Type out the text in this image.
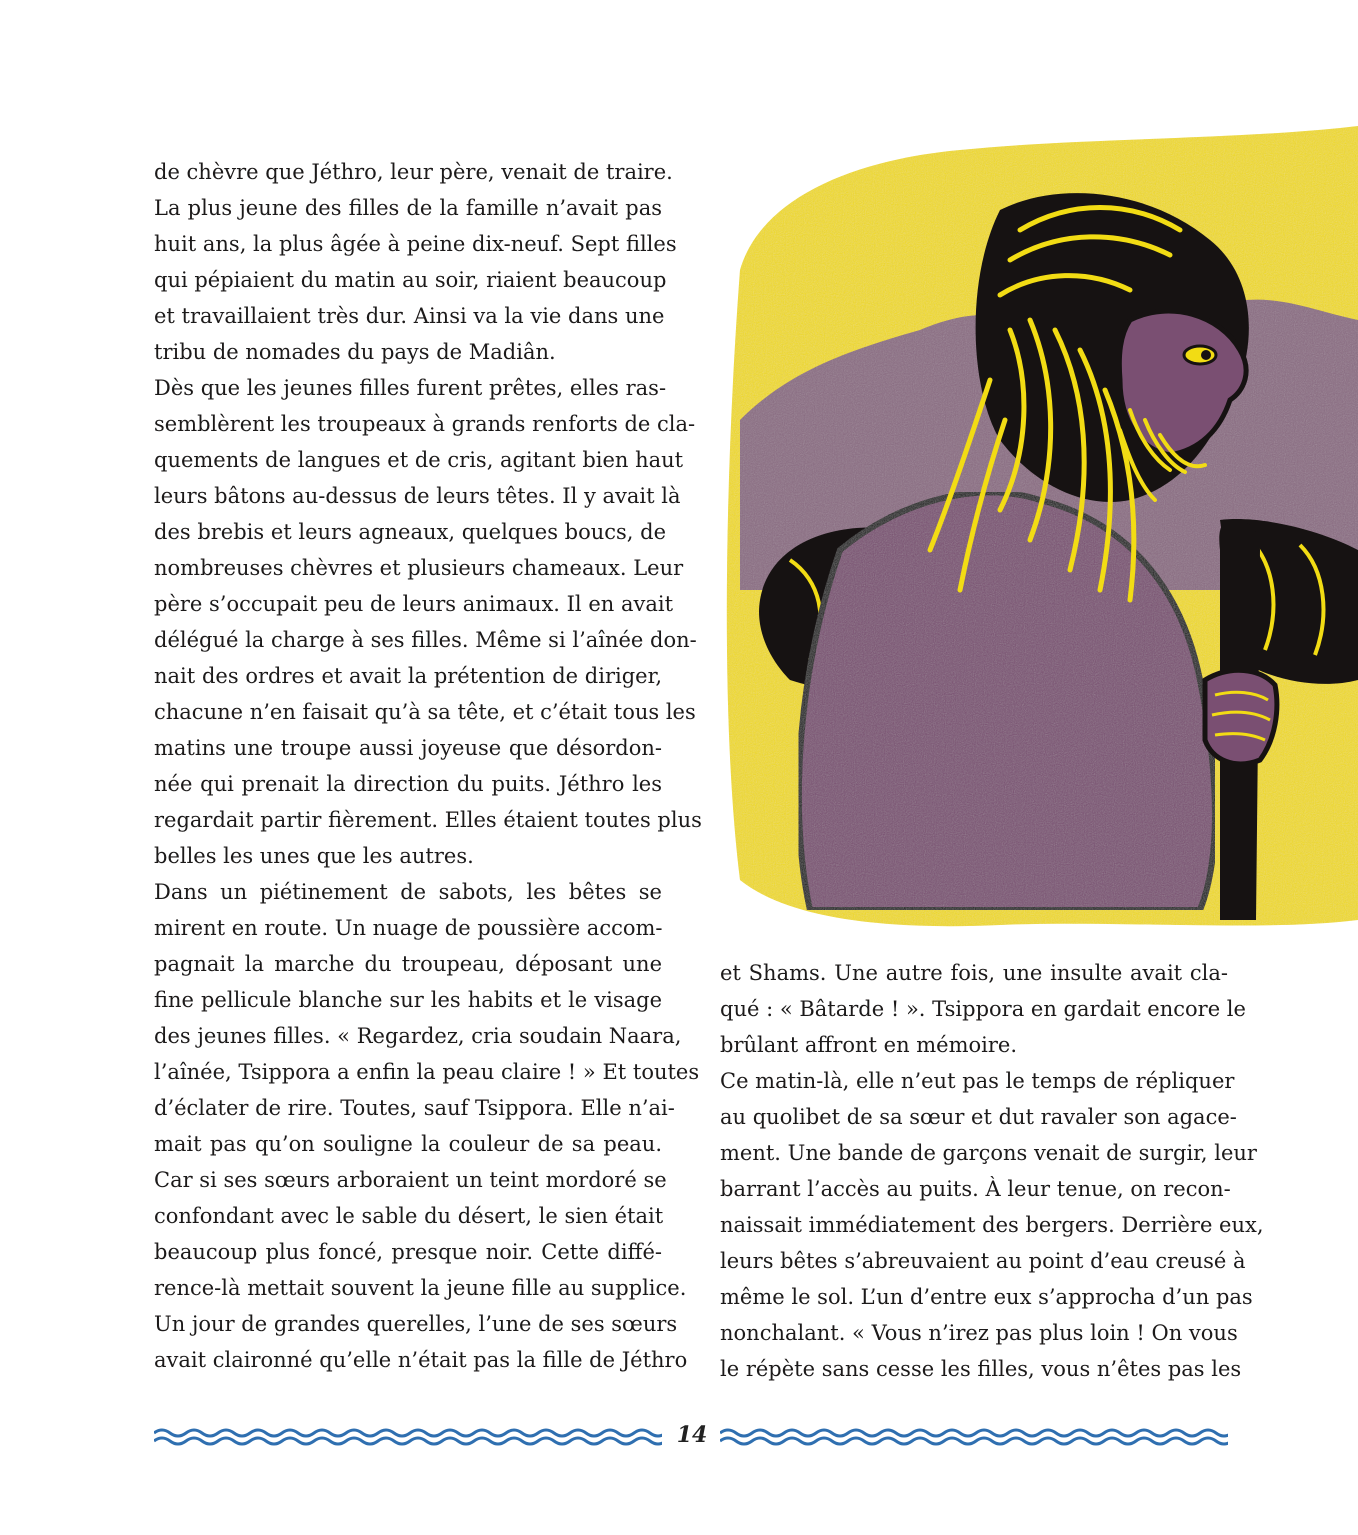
de chèvre que Jéthro, leur père, venait de traire.
La plus jeune des filles de la famille n’avait pas
huit ans, la plus âgée à peine dix-neuf. Sept filles
qui pépiaient du matin au soir, riaient beaucoup
et travaillaient très dur. Ainsi va la vie dans une
tribu de nomades du pays de Madiân.
Dès que les jeunes filles furent prêtes, elles ras-
semblèrent les troupeaux à grands renforts de cla-
quements de langues et de cris, agitant bien haut
leurs bâtons au-dessus de leurs têtes. Il y avait là
des brebis et leurs agneaux, quelques boucs, de
nombreuses chèvres et plusieurs chameaux. Leur
père s’occupait peu de leurs animaux. Il en avait
délégué la charge à ses filles. Même si l’aînée don-
nait des ordres et avait la prétention de diriger,
chacune n’en faisait qu’à sa tête, et c’était tous les
matins une troupe aussi joyeuse que désordon-
née qui prenait la direction du puits. Jéthro les
regardait partir fièrement. Elles étaient toutes plus
belles les unes que les autres.
Dans un piétinement de sabots, les bêtes se
mirent en route. Un nuage de poussière accom-
pagnait la marche du troupeau, déposant une
fine pellicule blanche sur les habits et le visage
des jeunes filles. « Regardez, cria soudain Naara,
l’aînée, Tsippora a enfin la peau claire ! » Et toutes
d’éclater de rire. Toutes, sauf Tsippora. Elle n’ai-
mait pas qu’on souligne la couleur de sa peau.
Car si ses sœurs arboraient un teint mordoré se
confondant avec le sable du désert, le sien était
beaucoup plus foncé, presque noir. Cette diffé-
rence-là mettait souvent la jeune fille au supplice.
Un jour de grandes querelles, l’une de ses sœurs
avait claironné qu’elle n’était pas la fille de Jéthro
et Shams. Une autre fois, une insulte avait cla-
qué : « Bâtarde ! ». Tsippora en gardait encore le
brûlant affront en mémoire.
Ce matin-là, elle n’eut pas le temps de répliquer
au quolibet de sa sœur et dut ravaler son agace-
ment. Une bande de garçons venait de surgir, leur
barrant l’accès au puits. À leur tenue, on recon-
naissait immédiatement des bergers. Derrière eux,
leurs bêtes s’abreuvaient au point d’eau creusé à
même le sol. L’un d’entre eux s’approcha d’un pas
nonchalant. « Vous n’irez pas plus loin ! On vous
le répète sans cesse les filles, vous n’êtes pas les
14
